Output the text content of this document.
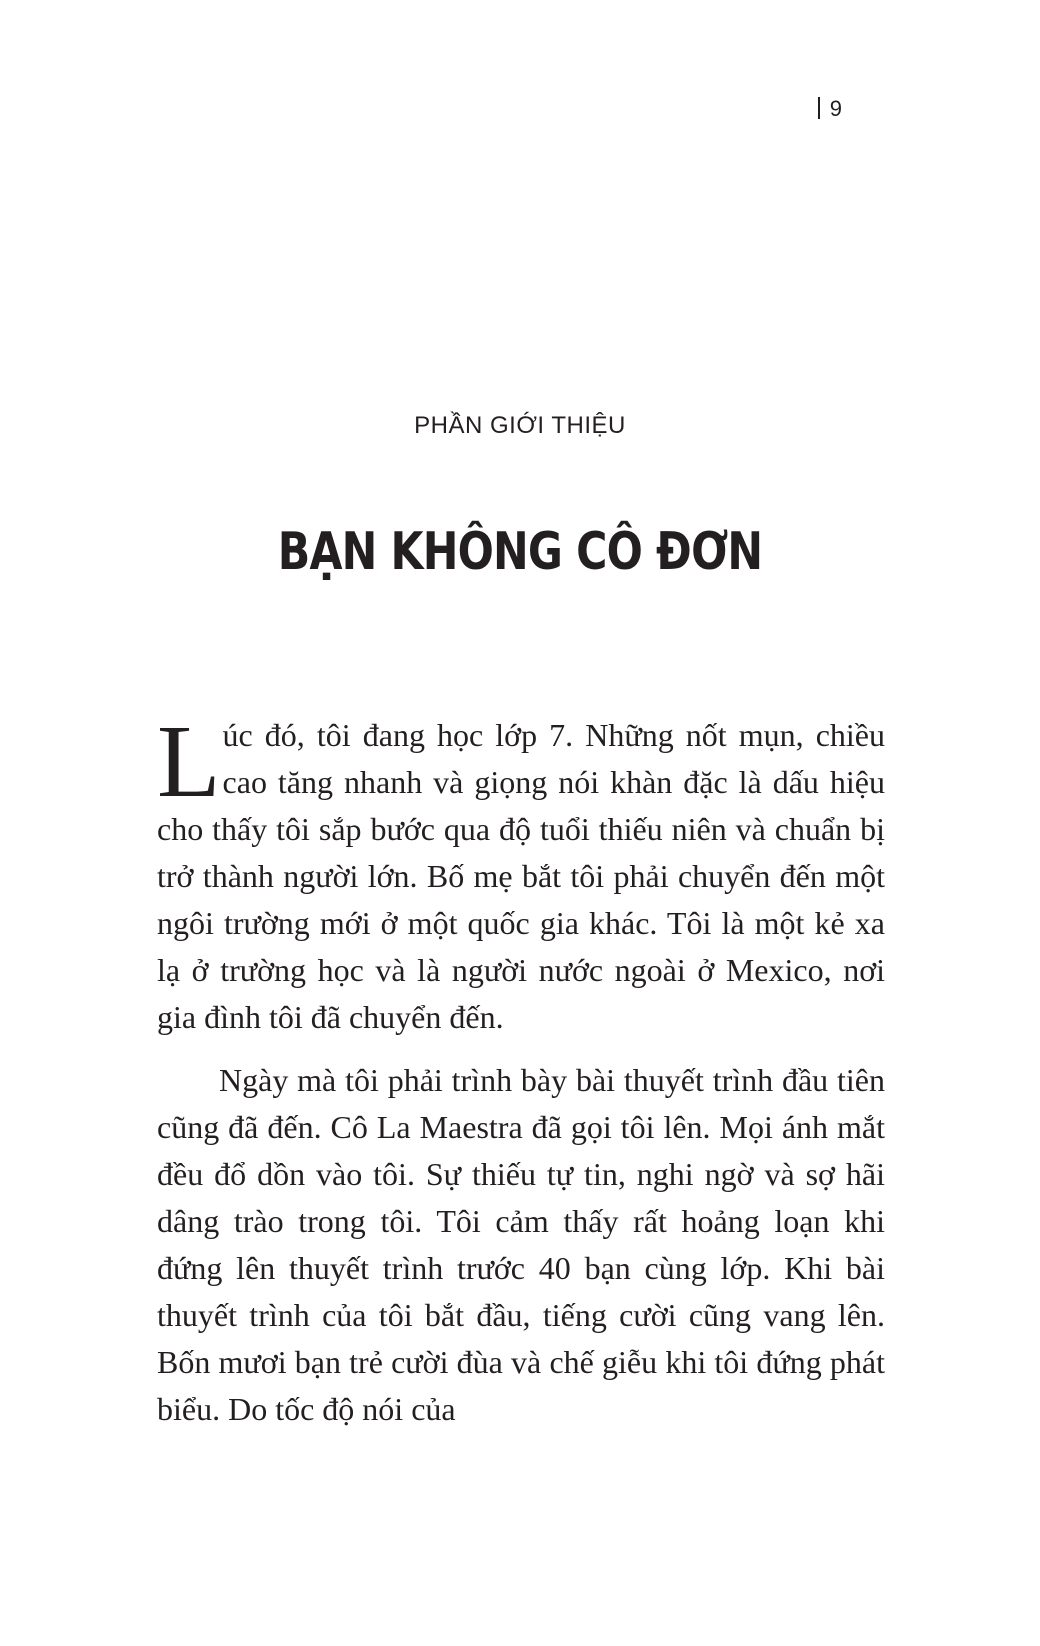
9
PHẦN GIỚI THIỆU
BẠN KHÔNG CÔ ĐƠN

Lúc đó, tôi đang học lớp 7. Những nốt mụn, chiều cao tăng nhanh và giọng nói khàn đặc là dấu hiệu cho thấy tôi sắp bước qua độ tuổi thiếu niên và chuẩn bị trở thành người lớn. Bố mẹ bắt tôi phải chuyển đến một ngôi trường mới ở một quốc gia khác. Tôi là một kẻ xa lạ ở trường học và là người nước ngoài ở Mexico, nơi gia đình tôi đã chuyển đến.

Ngày mà tôi phải trình bày bài thuyết trình đầu tiên cũng đã đến. Cô La Maestra đã gọi tôi lên. Mọi ánh mắt đều đổ dồn vào tôi. Sự thiếu tự tin, nghi ngờ và sợ hãi dâng trào trong tôi. Tôi cảm thấy rất hoảng loạn khi đứng lên thuyết trình trước 40 bạn cùng lớp. Khi bài thuyết trình của tôi bắt đầu, tiếng cười cũng vang lên. Bốn mươi bạn trẻ cười đùa và chế giễu khi tôi đứng phát biểu. Do tốc độ nói của
